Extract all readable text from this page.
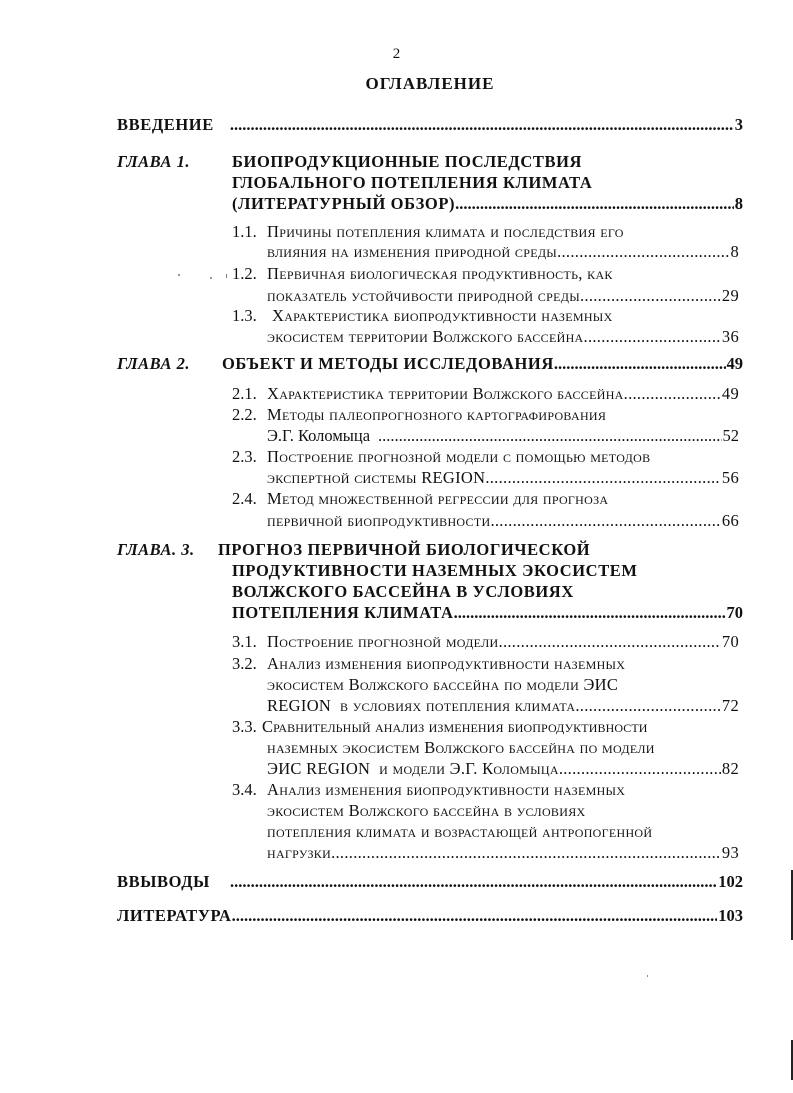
2
ОГЛАВЛЕНИЕ
ВВЕДЕНИЕ .....	3
ГЛАВА 1.	БИОПРОДУКЦИОННЫЕ ПОСЛЕДСТВИЯ
ГЛОБАЛЬНОГО ПОТЕПЛЕНИЯ КЛИМАТА
(ЛИТЕРАТУРНЫЙ ОБЗОР) .....	8
1.1. Причины потепления климата и последствия его
влияния на изменения природной среды .....	8
1.2. Первичная биологическая продуктивность, как
показатель устойчивости природной среды .....	29
1.3. Характеристика биопродуктивности наземных
экосистем территории Волжского бассейна .....	36
ГЛАВА 2. ОБЪЕКТ И МЕТОДЫ ИССЛЕДОВАНИЯ .....	49
2.1. Характеристика территории Волжского бассейна .....	49
2.2. Методы палеопрогнозного картографирования
Э.Г. Коломыца .....	52
2.3. Построение прогнозной модели с помощью методов
экспертной системы REGION .....	56
2.4. Метод множественной регрессии для прогноза
первичной биопродуктивности .....	66
ГЛАВА. 3. ПРОГНОЗ ПЕРВИЧНОЙ БИОЛОГИЧЕСКОЙ
ПРОДУКТИВНОСТИ НАЗЕМНЫХ ЭКОСИСТЕМ
ВОЛЖСКОГО БАССЕЙНА В УСЛОВИЯХ
ПОТЕПЛЕНИЯ КЛИМАТА .....	70
3.1. Построение прогнозной модели .....	70
3.2. Анализ изменения биопродуктивности наземных
экосистем Волжского бассейна по модели ЭИС
REGION  в условиях потепления климата .....	72
3.3. Сравнительный анализ изменения биопродуктивности
наземных экосистем Волжского бассейна по модели
ЭИС REGION  и модели Э.Г. Коломыца .....	82
3.4. Анализ изменения биопродуктивности наземных
экосистем Волжского бассейна в условиях
потепления климата и возрастающей антропогенной
нагрузки .....	93
ВВЫВОДЫ .....	102
ЛИТЕРАТУРА .....	103
